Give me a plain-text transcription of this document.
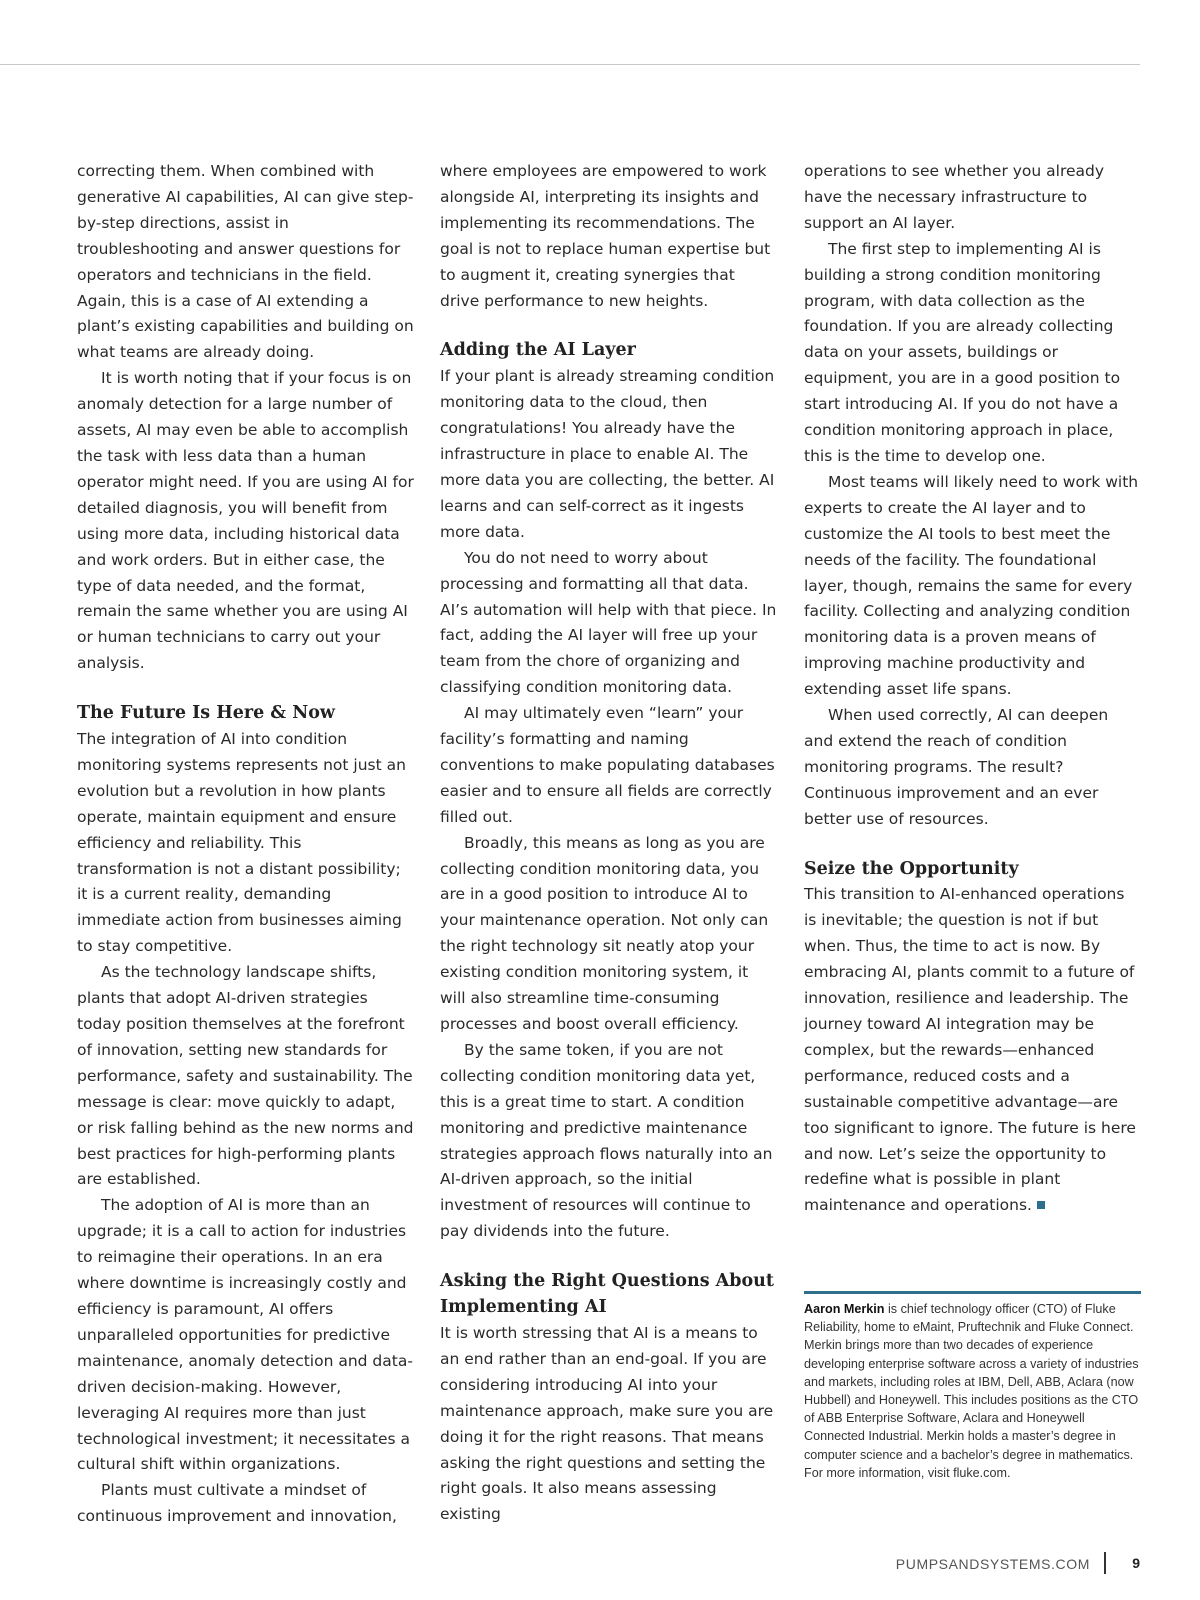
correcting them. When combined with generative AI capabilities, AI can give step-by-step directions, assist in troubleshooting and answer questions for operators and technicians in the field. Again, this is a case of AI extending a plant’s existing capabilities and building on what teams are already doing.

It is worth noting that if your focus is on anomaly detection for a large number of assets, AI may even be able to accomplish the task with less data than a human operator might need. If you are using AI for detailed diagnosis, you will benefit from using more data, including historical data and work orders. But in either case, the type of data needed, and the format, remain the same whether you are using AI or human technicians to carry out your analysis.

The Future Is Here & Now

The integration of AI into condition monitoring systems represents not just an evolution but a revolution in how plants operate, maintain equipment and ensure efficiency and reliability. This transformation is not a distant possibility; it is a current reality, demanding immediate action from businesses aiming to stay competitive.

As the technology landscape shifts, plants that adopt AI-driven strategies today position themselves at the forefront of innovation, setting new standards for performance, safety and sustainability. The message is clear: move quickly to adapt, or risk falling behind as the new norms and best practices for high-performing plants are established.

The adoption of AI is more than an upgrade; it is a call to action for industries to reimagine their operations. In an era where downtime is increasingly costly and efficiency is paramount, AI offers unparalleled opportunities for predictive maintenance, anomaly detection and data-driven decision-making. However, leveraging AI requires more than just technological investment; it necessitates a cultural shift within organizations.

Plants must cultivate a mindset of continuous improvement and innovation,

where employees are empowered to work alongside AI, interpreting its insights and implementing its recommendations. The goal is not to replace human expertise but to augment it, creating synergies that drive performance to new heights.

Adding the AI Layer

If your plant is already streaming condition monitoring data to the cloud, then congratulations! You already have the infrastructure in place to enable AI. The more data you are collecting, the better. AI learns and can self-correct as it ingests more data.

You do not need to worry about processing and formatting all that data. AI’s automation will help with that piece. In fact, adding the AI layer will free up your team from the chore of organizing and classifying condition monitoring data.

AI may ultimately even “learn” your facility’s formatting and naming conventions to make populating databases easier and to ensure all fields are correctly filled out.

Broadly, this means as long as you are collecting condition monitoring data, you are in a good position to introduce AI to your maintenance operation. Not only can the right technology sit neatly atop your existing condition monitoring system, it will also streamline time-consuming processes and boost overall efficiency.

By the same token, if you are not collecting condition monitoring data yet, this is a great time to start. A condition monitoring and predictive maintenance strategies approach flows naturally into an AI-driven approach, so the initial investment of resources will continue to pay dividends into the future.

Asking the Right Questions About Implementing AI

It is worth stressing that AI is a means to an end rather than an end-goal. If you are considering introducing AI into your maintenance approach, make sure you are doing it for the right reasons. That means asking the right questions and setting the right goals. It also means assessing existing

operations to see whether you already have the necessary infrastructure to support an AI layer.

The first step to implementing AI is building a strong condition monitoring program, with data collection as the foundation. If you are already collecting data on your assets, buildings or equipment, you are in a good position to start introducing AI. If you do not have a condition monitoring approach in place, this is the time to develop one.

Most teams will likely need to work with experts to create the AI layer and to customize the AI tools to best meet the needs of the facility. The foundational layer, though, remains the same for every facility. Collecting and analyzing condition monitoring data is a proven means of improving machine productivity and extending asset life spans.

When used correctly, AI can deepen and extend the reach of condition monitoring programs. The result? Continuous improvement and an ever better use of resources.

Seize the Opportunity

This transition to AI-enhanced operations is inevitable; the question is not if but when. Thus, the time to act is now. By embracing AI, plants commit to a future of innovation, resilience and leadership. The journey toward AI integration may be complex, but the rewards—enhanced performance, reduced costs and a sustainable competitive advantage—are too significant to ignore. The future is here and now. Let’s seize the opportunity to redefine what is possible in plant maintenance and operations.

Aaron Merkin is chief technology officer (CTO) of Fluke Reliability, home to eMaint, Pruftechnik and Fluke Connect. Merkin brings more than two decades of experience developing enterprise software across a variety of industries and markets, including roles at IBM, Dell, ABB, Aclara (now Hubbell) and Honeywell. This includes positions as the CTO of ABB Enterprise Software, Aclara and Honeywell Connected Industrial. Merkin holds a master’s degree in computer science and a bachelor’s degree in mathematics. For more information, visit fluke.com.

PUMPSANDSYSTEMS.COM	9
